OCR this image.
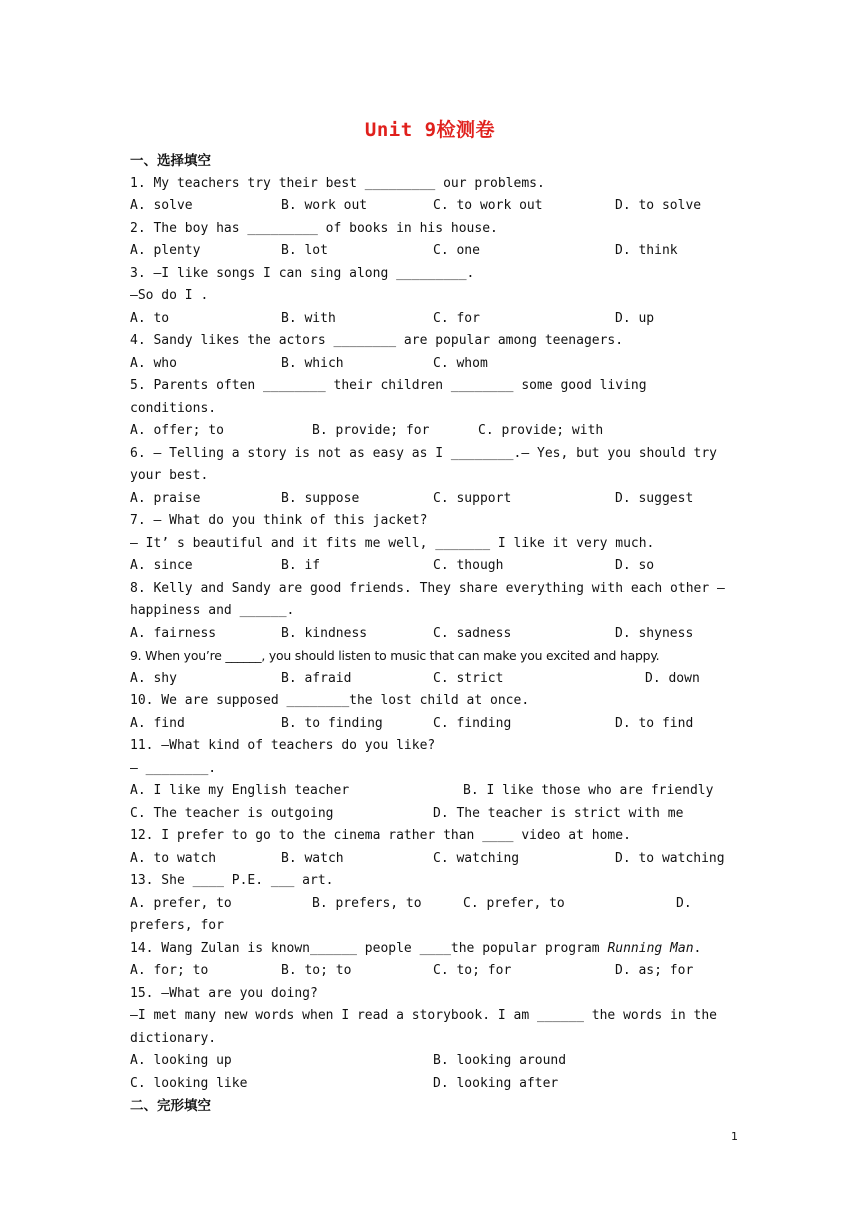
Unit 9检测卷
一、选择填空
1. My teachers try their best _________ our problems.
A. solve	B. work out	C. to work out	D. to solve
2. The boy has _________ of books in his house.
A. plenty	B. lot	C. one	D. think
3. —I like songs I can sing along _________.
—So do I .
A. to	B. with	C. for	D. up
4. Sandy likes the actors ________ are popular among teenagers.
A. who	B. which	C. whom
5. Parents often ________ their children ________ some good living conditions.
A. offer; to	B. provide; for	C. provide; with
6. — Telling a story is not as easy as I ________.— Yes, but you should try your best.
A. praise	B. suppose	C. support	D. suggest
7. — What do you think of this jacket?
— It’ s beautiful and it fits me well, _______ I like it very much.
A. since	B. if	C. though	D. so
8. Kelly and Sandy are good friends. They share everything with each other — happiness and ______.
A. fairness	B. kindness	C. sadness	D. shyness
9. When you’re ______, you should listen to music that can make you excited and happy.
A. shy	B. afraid	C. strict	D. down
10. We are supposed ________the lost child at once.
A. find	B. to finding	C. finding	D. to find
11. —What kind of teachers do you like?
— ________.
A. I like my English teacher	B. I like those who are friendly
C. The teacher is outgoing	D. The teacher is strict with me
12. I prefer to go to the cinema rather than ____ video at home.
A. to watch	B. watch	C. watching	D. to watching
13. She ____ P.E. ___ art.
A. prefer, to	B. prefers, to	C. prefer, to	D.
prefers, for
14. Wang Zulan is known______ people ____the popular program Running Man.
A. for; to	B. to; to	C. to; for	D. as; for
15. —What are you doing?
—I met many new words when I read a storybook. I am ______ the words in the dictionary.
A. looking up	B. looking around
C. looking like	D. looking after
二、完形填空
1
